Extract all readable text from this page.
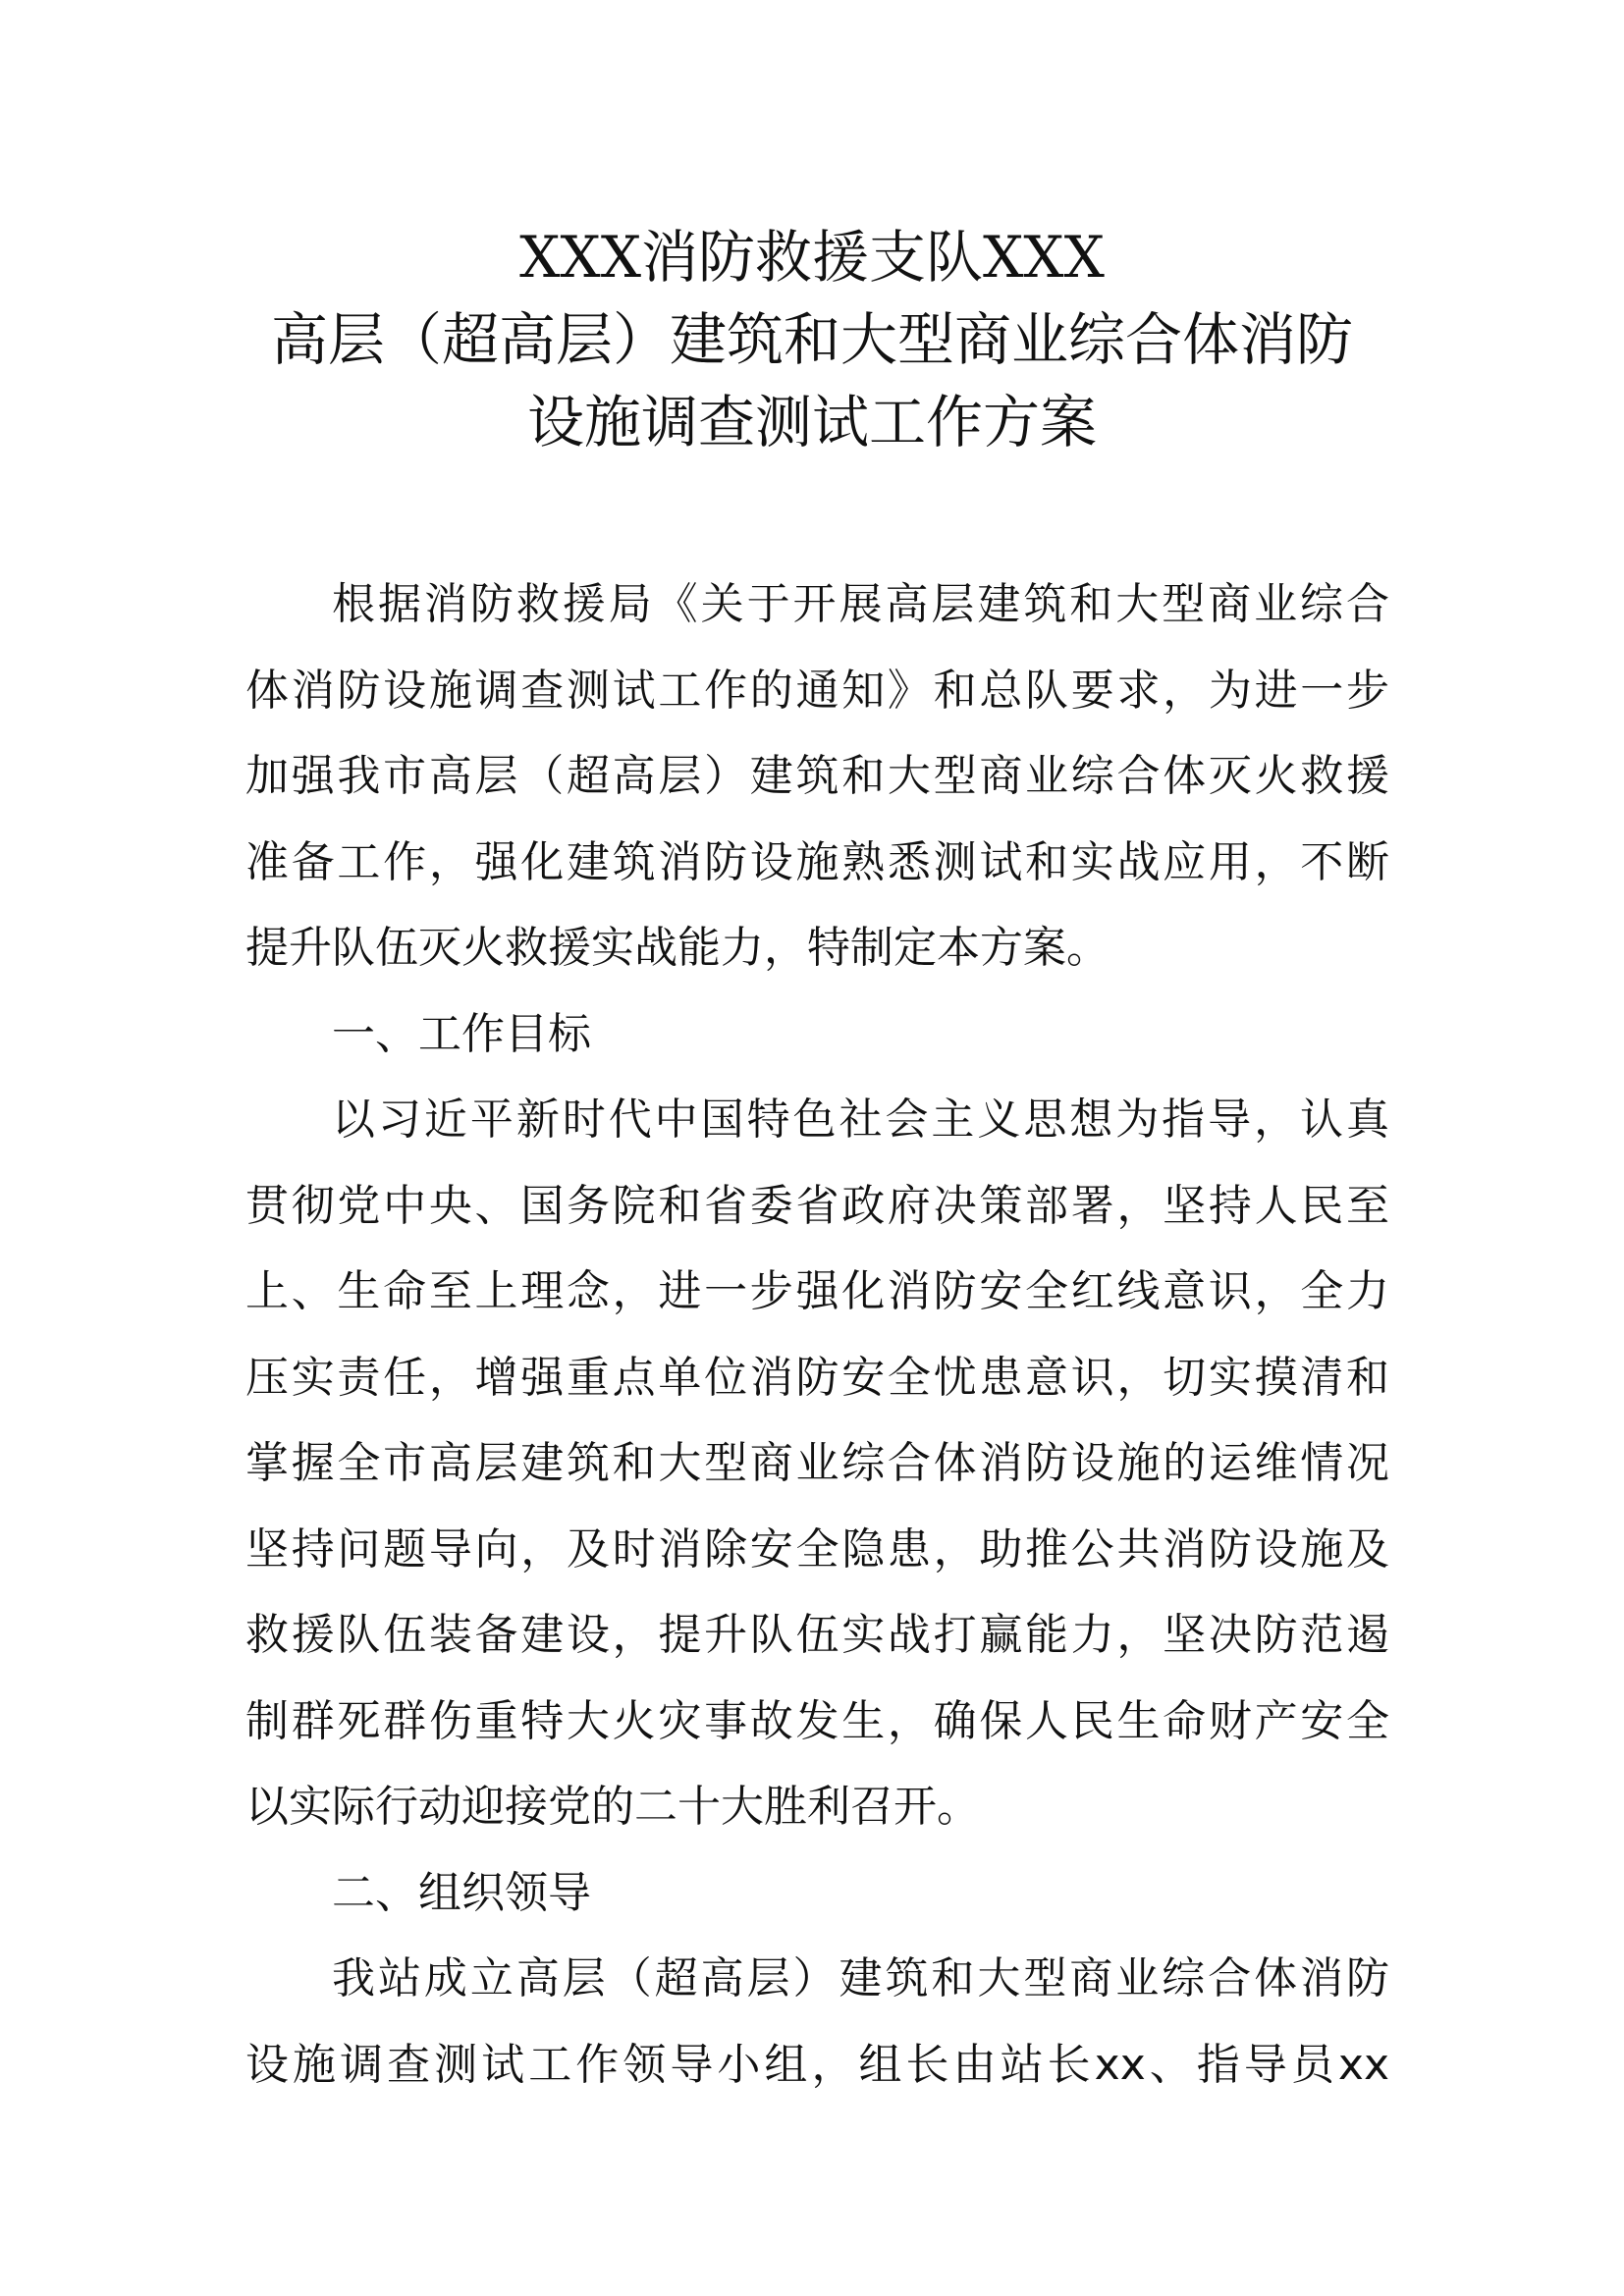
XXX消防救援支队XXX
高层（超高层）建筑和大型商业综合体消防
设施调查测试工作方案
根据消防救援局《关于开展高层建筑和大型商业综合
体消防设施调查测试工作的通知》和总队要求，为进一步
加强我市高层（超高层）建筑和大型商业综合体灭火救援
准备工作，强化建筑消防设施熟悉测试和实战应用，不断
提升队伍灭火救援实战能力，特制定本方案。
一、工作目标
以习近平新时代中国特色社会主义思想为指导，认真
贯彻党中央、国务院和省委省政府决策部署，坚持人民至
上、生命至上理念，进一步强化消防安全红线意识，全力
压实责任，增强重点单位消防安全忧患意识，切实摸清和
掌握全市高层建筑和大型商业综合体消防设施的运维情况
坚持问题导向，及时消除安全隐患，助推公共消防设施及
救援队伍装备建设，提升队伍实战打赢能力，坚决防范遏
制群死群伤重特大火灾事故发生，确保人民生命财产安全
以实际行动迎接党的二十大胜利召开。
二、组织领导
我站成立高层（超高层）建筑和大型商业综合体消防
设施调查测试工作领导小组，组长由站长xx、指导员xx
